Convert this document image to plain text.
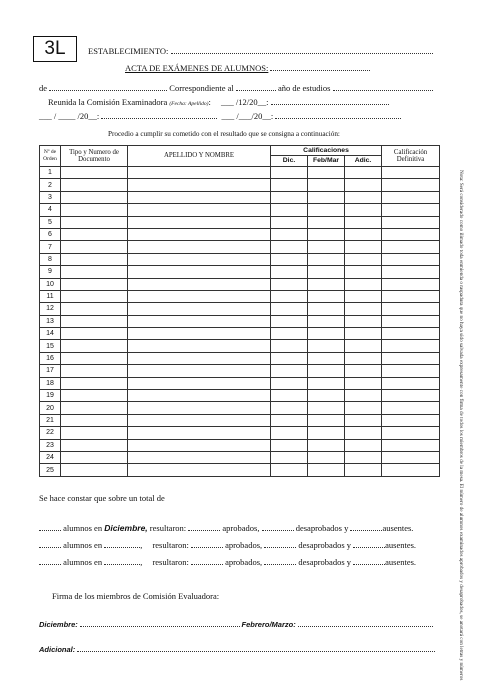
3L	ESTABLECIMIENTO:
ACTA DE EXÁMENES DE ALUMNOS:
de	Correspondiente al	año de estudios
Reunida la Comisión Examinadora (Fecha: Apellido): ___ /12/20__:
___ / ____ /20__:	___ /___/20__:
Procedio a cumplir su cometido con el resultado que se consigna a continuación:
Nº de Orden	Tipo y Numero de Documento	APELLIDO Y NOMBRE	Calificaciones			Calificación Definitiva
			Dic.	Feb/Mar	Adic.	
1						
2						
3						
4						
5						
6						
7						
8						
9						
10						
11						
12						
13						
14						
15						
16						
17						
18						
19						
20						
21						
22						
23						
24						
25							Nota: Será considerado como ilimado toda enmienda o raspadura que no haya sido salvada expresamente con firma de todos los miembros de la mesa. El número de alumnos examinados aprobados y desaprobados, se anotará con letras y números
Se hace constar que sobre un total de
alumnos en Diciembre, resultaron:	aprobados,	desaprobados y	ausentes.
alumnos en	, resultaron:	aprobados,	desaprobados y	ausentes.
alumnos en	, resultaron:	aprobados,	desaprobados y	ausentes.
Firma de los miembros de Comisión Evaluadora:
Diciembre:	Febrero/Marzo:
Adicional:
